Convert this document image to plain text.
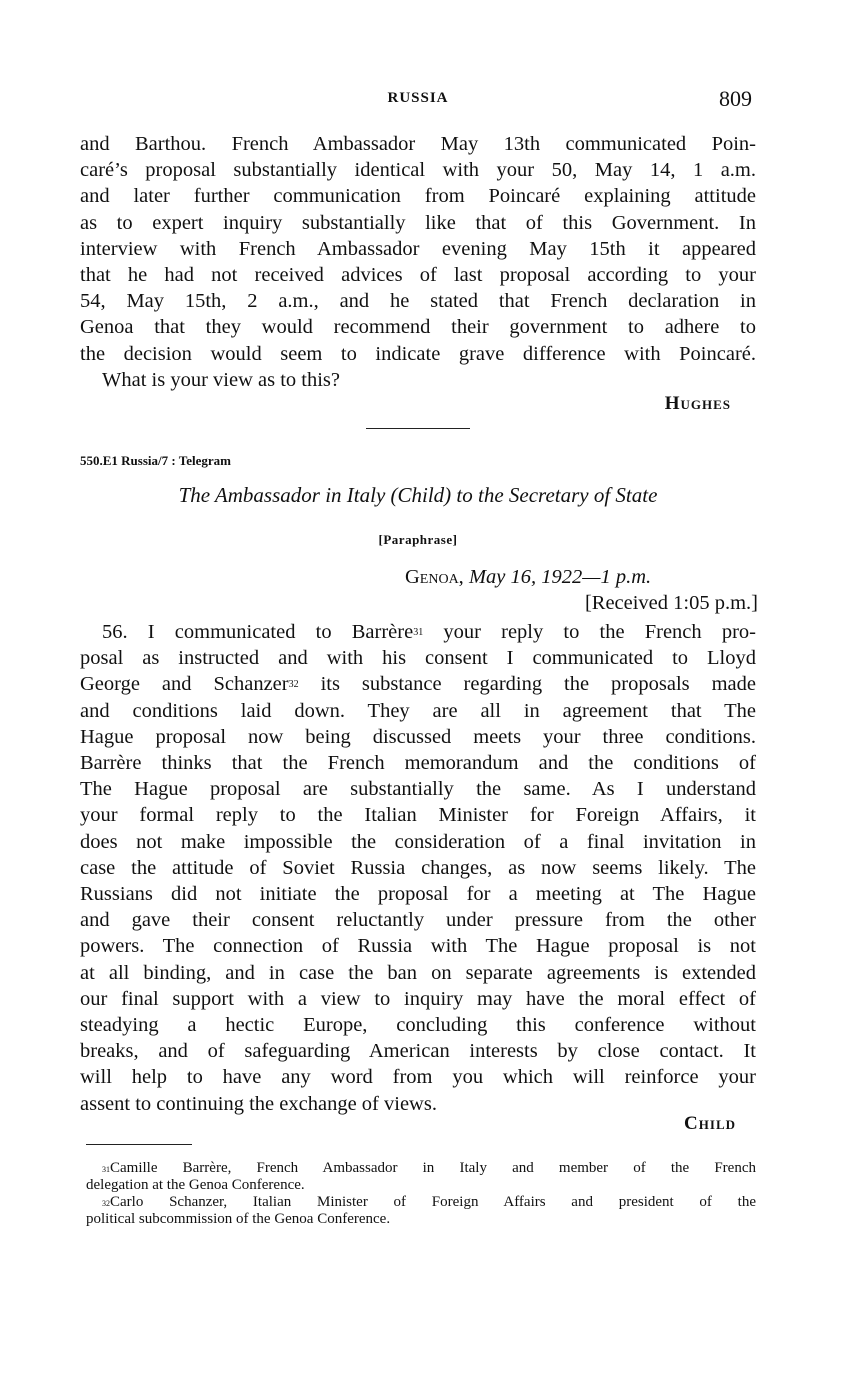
RUSSIA	809

and Barthou. French Ambassador May 13th communicated Poin-

caré’s proposal substantially identical with your 50, May 14, 1 a.m.

and later further communication from Poincaré explaining attitude

as to expert inquiry substantially like that of this Government. In

interview with French Ambassador evening May 15th it appeared

that he had not received advices of last proposal according to your

54, May 15th, 2 a.m., and he stated that French declaration in

Genoa that they would recommend their government to adhere to

the decision would seem to indicate grave difference with Poincaré.

What is your view as to this?

Hughes
550.E1 Russia/7 : Telegram
The Ambassador in Italy (Child) to the Secretary of State
[Paraphrase]
Genoa, May 16, 1922—1 p.m.
[Received 1:05 p.m.]

56. I communicated to Barrère$^{31}$ your reply to the French pro-

posal as instructed and with his consent I communicated to Lloyd

George and Schanzer$^{32}$ its substance regarding the proposals made

and conditions laid down. They are all in agreement that The

Hague proposal now being discussed meets your three conditions.

Barrère thinks that the French memorandum and the conditions of

The Hague proposal are substantially the same. As I understand

your formal reply to the Italian Minister for Foreign Affairs, it

does not make impossible the consideration of a final invitation in

case the attitude of Soviet Russia changes, as now seems likely. The

Russians did not initiate the proposal for a meeting at The Hague

and gave their consent reluctantly under pressure from the other

powers. The connection of Russia with The Hague proposal is not

at all binding, and in case the ban on separate agreements is extended

our final support with a view to inquiry may have the moral effect of

steadying a hectic Europe, concluding this conference without

breaks, and of safeguarding American interests by close contact. It

will help to have any word from you which will reinforce your

assent to continuing the exchange of views.

Child

$^{31}$Camille Barrère, French Ambassador in Italy and member of the French
delegation at the Genoa Conference.

$^{32}$Carlo Schanzer, Italian Minister of Foreign Affairs and president of the
political subcommission of the Genoa Conference.
